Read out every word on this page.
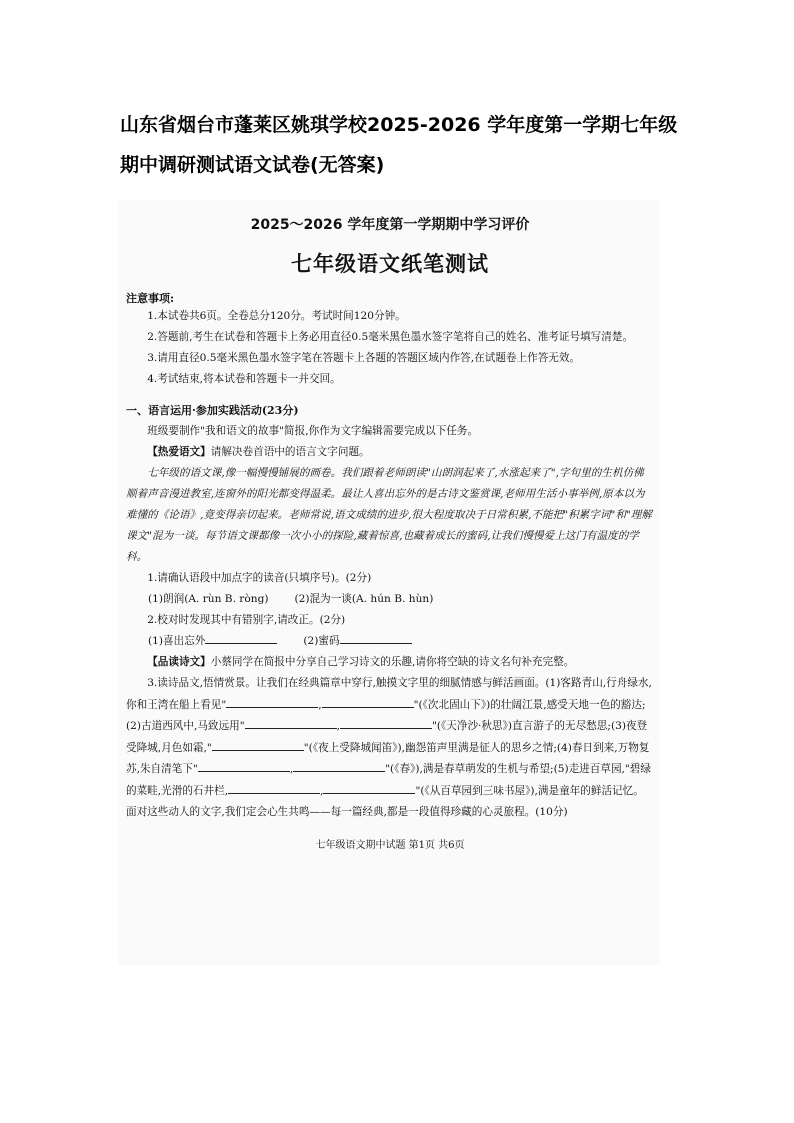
山东省烟台市蓬莱区姚琪学校2025-2026 学年度第一学期七年级期中调研测试语文试卷(无答案)
2025～2026 学年度第一学期期中学习评价
七年级语文纸笔测试
注意事项:

1.本试卷共6页。全卷总分120分。考试时间120分钟。

2.答题前,考生在试卷和答题卡上务必用直径0.5毫米黑色墨水签字笔将自己的姓名、准考证号填写清楚。

3.请用直径0.5毫米黑色墨水签字笔在答题卡上各题的答题区域内作答,在试题卷上作答无效。

4.考试结束,将本试卷和答题卡一并交回。

一、语言运用·参加实践活动(23分)

班级要制作"我和语文的故事"简报,你作为文字编辑需要完成以下任务。

【热爱语文】请解决卷首语中的语言文字问题。

七年级的语文课,像一幅慢慢铺展的画卷。我们跟着老师朗读"山朗润起来了,水涨起来了",字句里的生机仿佛顺着声音漫进教室,连窗外的阳光都变得温柔。最让人喜出忘外的是古诗文鉴赏课,老师用生活小事举例,原本以为难懂的《论语》,竟变得亲切起来。老师常说,语文成绩的进步,很大程度取决于日常积累,不能把"积累字词"和"理解课文"混为一谈。每节语文课都像一次小小的探险,藏着惊喜,也藏着成长的蜜码,让我们慢慢爱上这门有温度的学科。

1.请确认语段中加点字的读音(只填序号)。(2分)

(1)朗润(A. rùn B. ròng) (2)混为一谈(A. hún B. hùn)

2.校对时发现其中有错别字,请改正。(2分)

(1)喜出忘外	(2)蜜码

【品读诗文】小蔡同学在简报中分享自己学习诗文的乐趣,请你将空缺的诗文名句补充完整。

3.读诗品文,悟情赏景。让我们在经典篇章中穿行,触摸文字里的细腻情感与鲜活画面。(1)客路青山,行舟绿水,你和王湾在船上看见"	,	"(《次北固山下》)的壮阔江景,感受天地一色的豁达;(2)古道西风中,马致远用"	,	"(《天净沙·秋思》)直言游子的无尽愁思;(3)夜登受降城,月色如霜,"	"(《夜上受降城闻笛》),幽怨笛声里满是征人的思乡之情;(4)春日到来,万物复苏,朱自清笔下"	,	"(《春》),满是春草萌发的生机与希望;(5)走进百草园,"碧绿的菜畦,光滑的石井栏,	,	"(《从百草园到三味书屋》),满是童年的鲜活记忆。面对这些动人的文字,我们定会心生共鸣——每一篇经典,都是一段值得珍藏的心灵旅程。(10分)

七年级语文期中试题 第1页 共6页
